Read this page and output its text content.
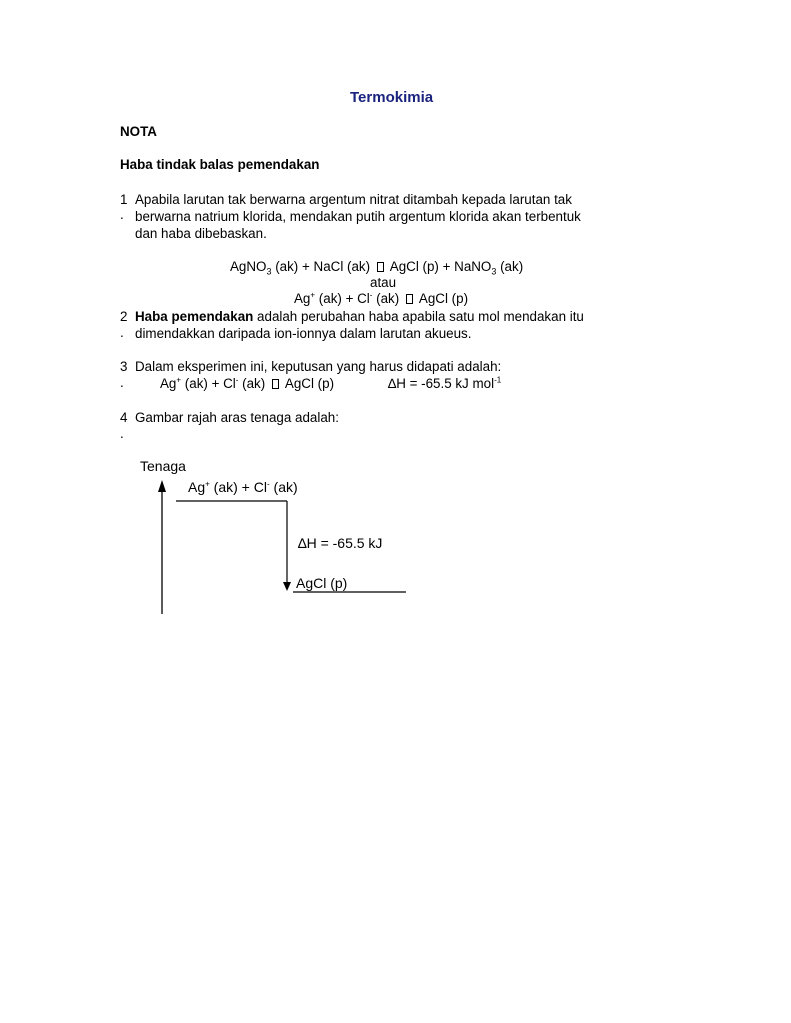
Termokimia
NOTA
Haba tindak balas pemendakan
1
.
Apabila larutan tak berwarna argentum nitrat ditambah kepada larutan tak
berwarna natrium klorida, mendakan putih argentum klorida akan terbentuk
dan haba dibebaskan.
AgNO$_3$ (ak) + NaCl (ak)  AgCl (p) + NaNO$_3$ (ak)
atau
Ag+ (ak) + Cl- (ak)  AgCl (p)
2
.
Haba pemendakan adalah perubahan haba apabila satu mol mendakan itu
dimendakkan daripada ion-ionnya dalam larutan akueus.
3
.
Dalam eksperimen ini, keputusan yang harus didapati adalah:
Ag+ (ak) + Cl- (ak)  AgCl (p)	∆H = -65.5 kJ mol$^{-1}$
4
.
Gambar rajah aras tenaga adalah:
Tenaga
Ag+ (ak) + Cl- (ak)
∆H = -65.5 kJ
AgCl (p)
